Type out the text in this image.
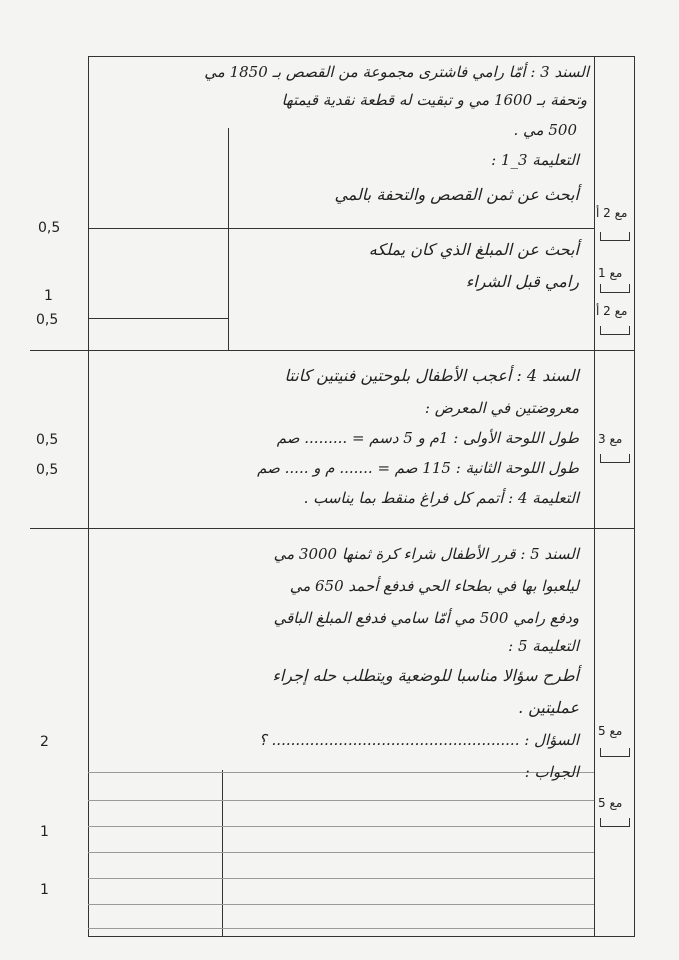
السند 3 : أمّا رامي فاشترى مجموعة من القصص بـ 1850 مي
وتحفة بـ 1600 مي و تبقيت له قطعة نقدية قيمتها
500 مي .
التعليمة 3_1 :
أبحث عن ثمن القصص والتحفة بالمي
أبحث عن المبلغ الذي كان يملكه
رامي قبل الشراء
السند 4 : أعجب الأطفال بلوحتين فنيتين كانتا
معروضتين في المعرض :
طول اللوحة الأولى : 1م و 5 دسم = ......... صم
طول اللوحة الثانية : 115 صم = ....... م و ..... صم
التعليمة 4 : أتمم كل فراغ منقط بما يناسب .
السند 5 : قرر الأطفال شراء كرة ثمنها 3000 مي
ليلعبوا بها في بطحاء الحي فدفع أحمد 650 مي
ودفع رامي 500 مي أمّا سامي فدفع المبلغ الباقي
التعليمة 5 :
أطرح سؤالا مناسبا للوضعية ويتطلب حله إجراء
عمليتين .
السؤال : .................................................... ؟
الجواب :
0,5
1
0,5
0,5
0,5
2
1
1
مع 2 أ
مع 1
مع 2 أ
مع 3
مع 5
مع 5
